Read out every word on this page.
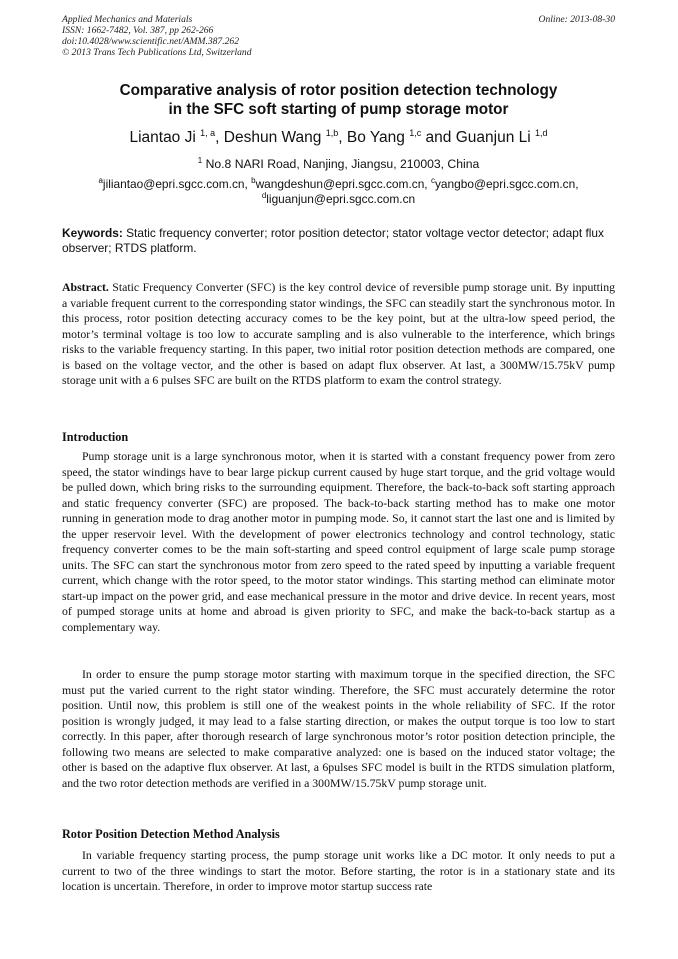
Applied Mechanics and Materials
ISSN: 1662-7482, Vol. 387, pp 262-266
doi:10.4028/www.scientific.net/AMM.387.262
© 2013 Trans Tech Publications Ltd, Switzerland
Online: 2013-08-30
Comparative analysis of rotor position detection technology
in the SFC soft starting of pump storage motor
Liantao Ji $^{1, a}$, Deshun Wang $^{1,b}$, Bo Yang $^{1,c}$ and Guanjun Li $^{1,d}$
$^1$ No.8 NARI Road, Nanjing, Jiangsu, 210003, China
$^a$jiliantao@epri.sgcc.com.cn, $^b$wangdeshun@epri.sgcc.com.cn, $^c$yangbo@epri.sgcc.com.cn,
$^d$liguanjun@epri.sgcc.com.cn
Keywords: Static frequency converter; rotor position detector; stator voltage vector detector; adapt flux observer; RTDS platform.
Abstract. Static Frequency Converter (SFC) is the key control device of reversible pump storage unit. By inputting a variable frequent current to the corresponding stator windings, the SFC can steadily start the synchronous motor. In this process, rotor position detecting accuracy comes to be the key point, but at the ultra-low speed period, the motor’s terminal voltage is too low to accurate sampling and is also vulnerable to the interference, which brings risks to the variable frequency starting. In this paper, two initial rotor position detection methods are compared, one is based on the voltage vector, and the other is based on adapt flux observer. At last, a 300MW/15.75kV pump storage unit with a 6 pulses SFC are built on the RTDS platform to exam the control strategy.
Introduction
Pump storage unit is a large synchronous motor, when it is started with a constant frequency power from zero speed, the stator windings have to bear large pickup current caused by huge start torque, and the grid voltage would be pulled down, which bring risks to the surrounding equipment. Therefore, the back-to-back soft starting approach and static frequency converter (SFC) are proposed. The back-to-back starting method has to make one motor running in generation mode to drag another motor in pumping mode. So, it cannot start the last one and is limited by the upper reservoir level. With the development of power electronics technology and control technology, static frequency converter comes to be the main soft-starting and speed control equipment of large scale pump storage units. The SFC can start the synchronous motor from zero speed to the rated speed by inputting a variable frequent current, which change with the rotor speed, to the motor stator windings. This starting method can eliminate motor start-up impact on the power grid, and ease mechanical pressure in the motor and drive device. In recent years, most of pumped storage units at home and abroad is given priority to SFC, and make the back-to-back startup as a complementary way.
In order to ensure the pump storage motor starting with maximum torque in the specified direction, the SFC must put the varied current to the right stator winding. Therefore, the SFC must accurately determine the rotor position. Until now, this problem is still one of the weakest points in the whole reliability of SFC. If the rotor position is wrongly judged, it may lead to a false starting direction, or makes the output torque is too low to start correctly. In this paper, after thorough research of large synchronous motor’s rotor position detection principle, the following two means are selected to make comparative analyzed: one is based on the induced stator voltage; the other is based on the adaptive flux observer. At last, a 6pulses SFC model is built in the RTDS simulation platform, and the two rotor detection methods are verified in a 300MW/15.75kV pump storage unit.
Rotor Position Detection Method Analysis
In variable frequency starting process, the pump storage unit works like a DC motor. It only needs to put a current to two of the three windings to start the motor. Before starting, the rotor is in a stationary state and its location is uncertain. Therefore, in order to improve motor startup success rate
